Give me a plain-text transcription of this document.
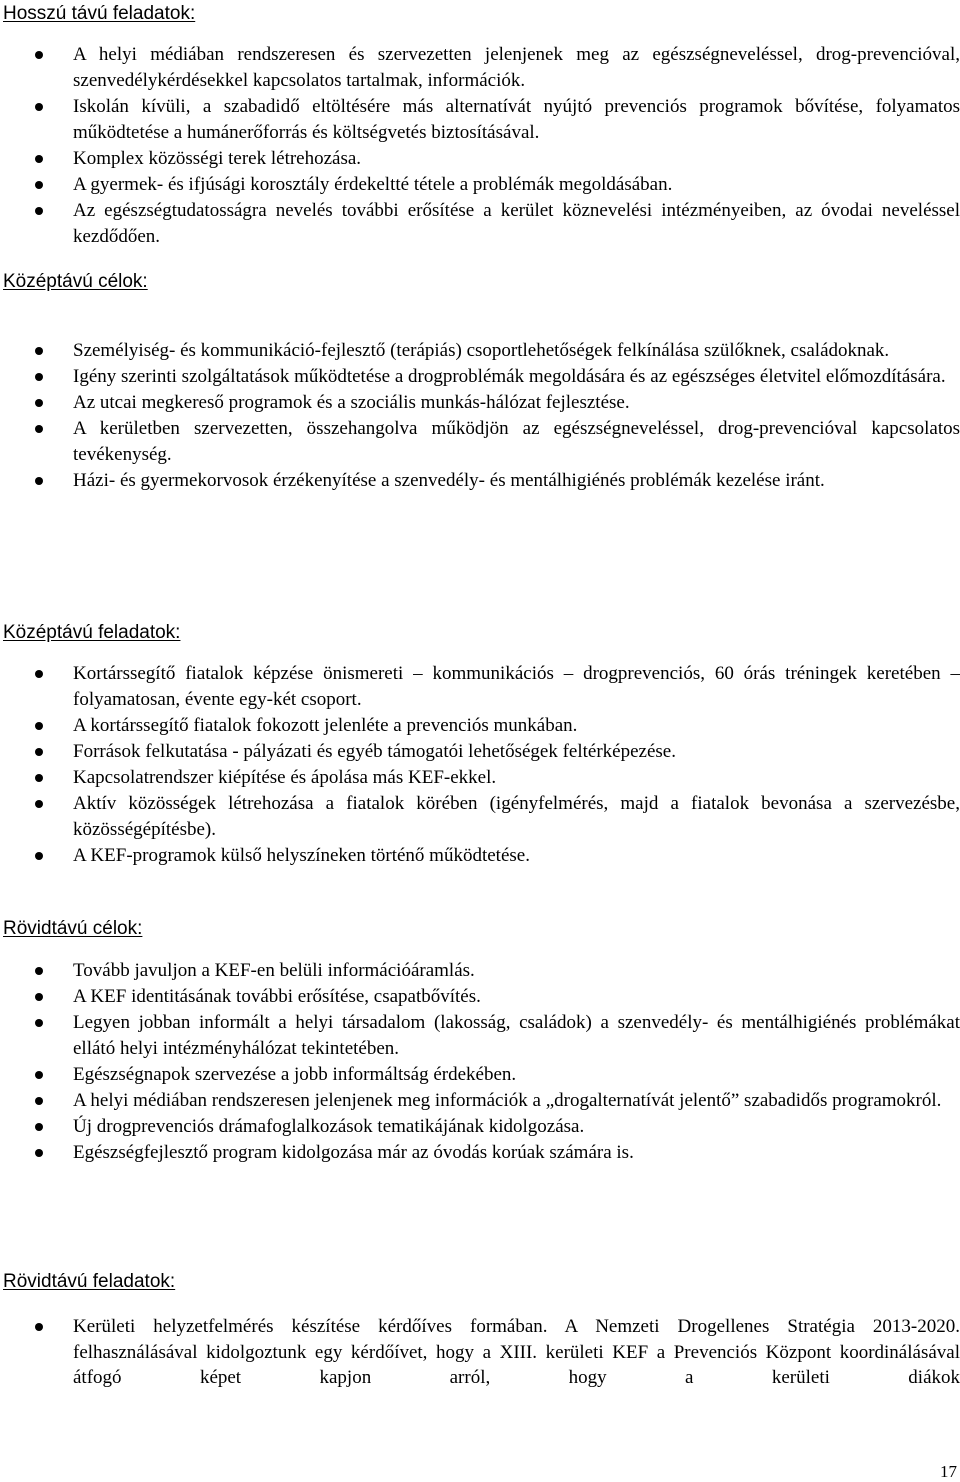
Hosszú távú feladatok:
A helyi médiában rendszeresen és szervezetten jelenjenek meg az egészségneveléssel, drog-prevencióval, szenvedélykérdésekkel kapcsolatos tartalmak, információk.
Iskolán kívüli, a szabadidő eltöltésére más alternatívát nyújtó prevenciós programok bővítése, folyamatos működtetése a humánerőforrás és költségvetés biztosításával.
Komplex közösségi terek létrehozása.
A gyermek- és ifjúsági korosztály érdekeltté tétele a problémák megoldásában.
Az egészségtudatosságra nevelés további erősítése a kerület köznevelési intézményeiben, az óvodai neveléssel kezdődően.
Középtávú célok:
Személyiség- és kommunikáció-fejlesztő (terápiás) csoportlehetőségek felkínálása szülőknek, családoknak.
Igény szerinti szolgáltatások működtetése a drogproblémák megoldására és az egészséges életvitel előmozdítására.
Az utcai megkereső programok és a szociális munkás-hálózat fejlesztése.
A kerületben szervezetten, összehangolva működjön az egészségneveléssel, drog-prevencióval kapcsolatos tevékenység.
Házi- és gyermekorvosok érzékenyítése a szenvedély- és mentálhigiénés problémák kezelése iránt.
Középtávú feladatok:
Kortárssegítő fiatalok képzése önismereti – kommunikációs – drogprevenciós, 60 órás tréningek keretében – folyamatosan, évente egy-két csoport.
A kortárssegítő fiatalok fokozott jelenléte a prevenciós munkában.
Források felkutatása - pályázati és egyéb támogatói lehetőségek feltérképezése.
Kapcsolatrendszer kiépítése és ápolása más KEF-ekkel.
Aktív közösségek létrehozása a fiatalok körében (igényfelmérés, majd a fiatalok bevonása a szervezésbe, közösségépítésbe).
A KEF-programok külső helyszíneken történő működtetése.
Rövidtávú célok:
Tovább javuljon a KEF-en belüli információáramlás.
A KEF identitásának további erősítése, csapatbővítés.
Legyen jobban informált a helyi társadalom (lakosság, családok) a szenvedély- és mentálhigiénés problémákat ellátó helyi intézményhálózat tekintetében.
Egészségnapok szervezése a jobb informáltság érdekében.
A helyi médiában rendszeresen jelenjenek meg információk a „drogalternatívát jelentő” szabadidős programokról.
Új drogprevenciós drámafoglalkozások tematikájának kidolgozása.
Egészségfejlesztő program kidolgozása már az óvodás korúak számára is.
Rövidtávú feladatok:
Kerületi helyzetfelmérés készítése kérdőíves formában. A Nemzeti Drogellenes Stratégia 2013-2020. felhasználásával kidolgoztunk egy kérdőívet, hogy a XIII. kerületi KEF a Prevenciós Központ koordinálásával átfogó képet kapjon arról, hogy a kerületi diákok
17
